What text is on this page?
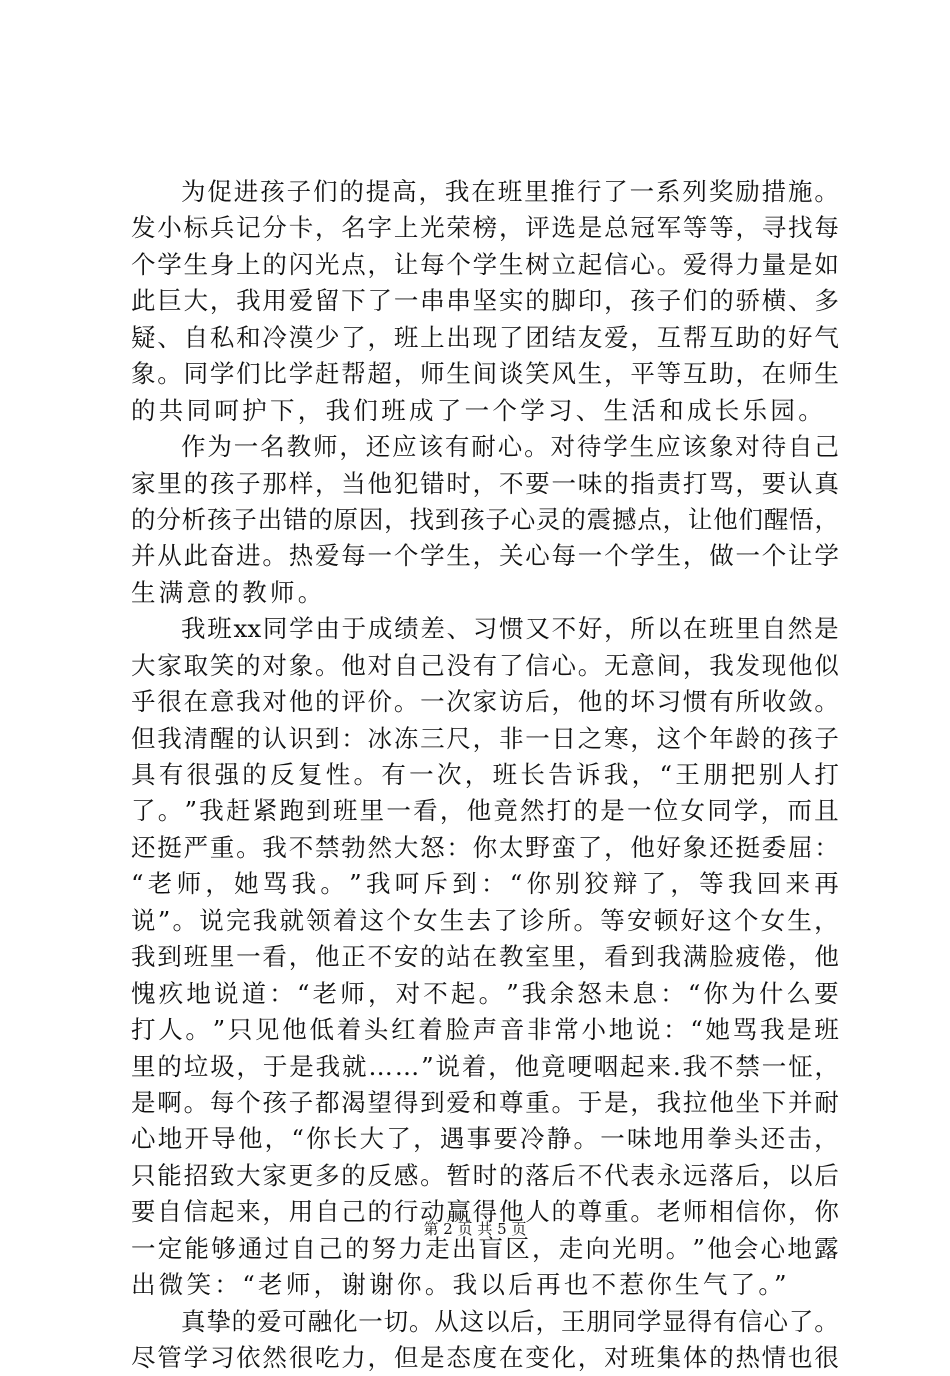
为 促 进 孩 子 们 的 提 高 ， 我 在 班 里 推 行 了 一 系 列 奖 励 措 施 。
发 小 标 兵 记 分 卡 ， 名 字 上 光 荣 榜 ， 评 选 是 总 冠 军 等 等 ， 寻 找 每
个 学 生 身 上 的 闪 光 点 ， 让 每 个 学 生 树 立 起 信 心 。 爱 得 力 量 是 如
此 巨 大 ， 我 用 爱 留 下 了 一 串 串 坚 实 的 脚 印 ， 孩 子 们 的 骄 横 、 多
疑 、 自 私 和 冷 漠 少 了 ， 班 上 出 现 了 团 结 友 爱 ， 互 帮 互 助 的 好 气
象 。 同 学 们 比 学 赶 帮 超 ， 师 生 间 谈 笑 风 生 ， 平 等 互 助 ， 在 师 生
的共同呵护下，我们班成了一个学习、生活和成长乐园。
作 为 一 名 教 师 ， 还 应 该 有 耐 心 。 对 待 学 生 应 该 象 对 待 自 己
家 里 的 孩 子 那 样 ， 当 他 犯 错 时 ， 不 要 一 味 的 指 责 打 骂 ， 要 认 真
的 分 析 孩 子 出 错 的 原 因 ， 找 到 孩 子 心 灵 的 震 撼 点 ， 让 他 们 醒 悟 ，
并 从 此 奋 进 。 热 爱 每 一 个 学 生 ， 关 心 每 一 个 学 生 ， 做 一 个 让 学
生满意的教师。
我 班 xx 同 学 由 于 成 绩 差 、 习 惯 又 不 好 ， 所 以 在 班 里 自 然 是
大 家 取 笑 的 对 象 。 他 对 自 己 没 有 了 信 心 。 无 意 间 ， 我 发 现 他 似
乎 很 在 意 我 对 他 的 评 价 。 一 次 家 访 后 ， 他 的 坏 习 惯 有 所 收 敛 。
但 我 清 醒 的 认 识 到 ： 冰 冻 三 尺 ， 非 一 日 之 寒 ， 这 个 年 龄 的 孩 子
具 有 很 强 的 反 复 性 。 有 一 次 ， 班 长 告 诉 我 ， “ 王 朋 把 别 人 打
了 。 ” 我 赶 紧 跑 到 班 里 一 看 ， 他 竟 然 打 的 是 一 位 女 同 学 ， 而 且
还 挺 严 重 。 我 不 禁 勃 然 大 怒 ： 你 太 野 蛮 了 ， 他 好 象 还 挺 委 屈 ：
“ 老 师 ， 她 骂 我 。 ” 我 呵 斥 到 ： “ 你 别 狡 辩 了 ， 等 我 回 来 再
说 ” 。 说 完 我 就 领 着 这 个 女 生 去 了 诊 所 。 等 安 顿 好 这 个 女 生 ，
我 到 班 里 一 看 ， 他 正 不 安 的 站 在 教 室 里 ， 看 到 我 满 脸 疲 倦 ， 他
愧 疚 地 说 道 ： “ 老 师 ， 对 不 起 。 ” 我 余 怒 未 息 ： “ 你 为 什 么 要
打 人 。 ” 只 见 他 低 着 头 红 着 脸 声 音 非 常 小 地 说 ： “ 她 骂 我 是 班
里 的 垃 圾 ， 于 是 我 就 … … ” 说 着 ， 他 竟 哽 咽 起 来 . 我 不 禁 一 怔 ，
是 啊 。 每 个 孩 子 都 渴 望 得 到 爱 和 尊 重 。 于 是 ， 我 拉 他 坐 下 并 耐
心 地 开 导 他 ， “ 你 长 大 了 ， 遇 事 要 冷 静 。 一 味 地 用 拳 头 还 击 ，
只 能 招 致 大 家 更 多 的 反 感 。 暂 时 的 落 后 不 代 表 永 远 落 后 ， 以 后
要 自 信 起 来 ， 用 自 己 的 行 动 赢 得 他 人 的 尊 重 。 老 师 相 信 你 ， 你
一 定 能 够 通 过 自 己 的 努 力 走 出 盲 区 ， 走 向 光 明 。 ” 他 会 心 地 露
出微笑：“老师，谢谢你。我以后再也不惹你生气了。”
真 挚 的 爱 可 融 化 一 切 。 从 这 以 后 ， 王 朋 同 学 显 得 有 信 心 了 。
尽 管 学 习 依 然 很 吃 力 ， 但 是 态 度 在 变 化 ， 对 班 集 体 的 热 情 也 很
第 2 页 共 5 页
